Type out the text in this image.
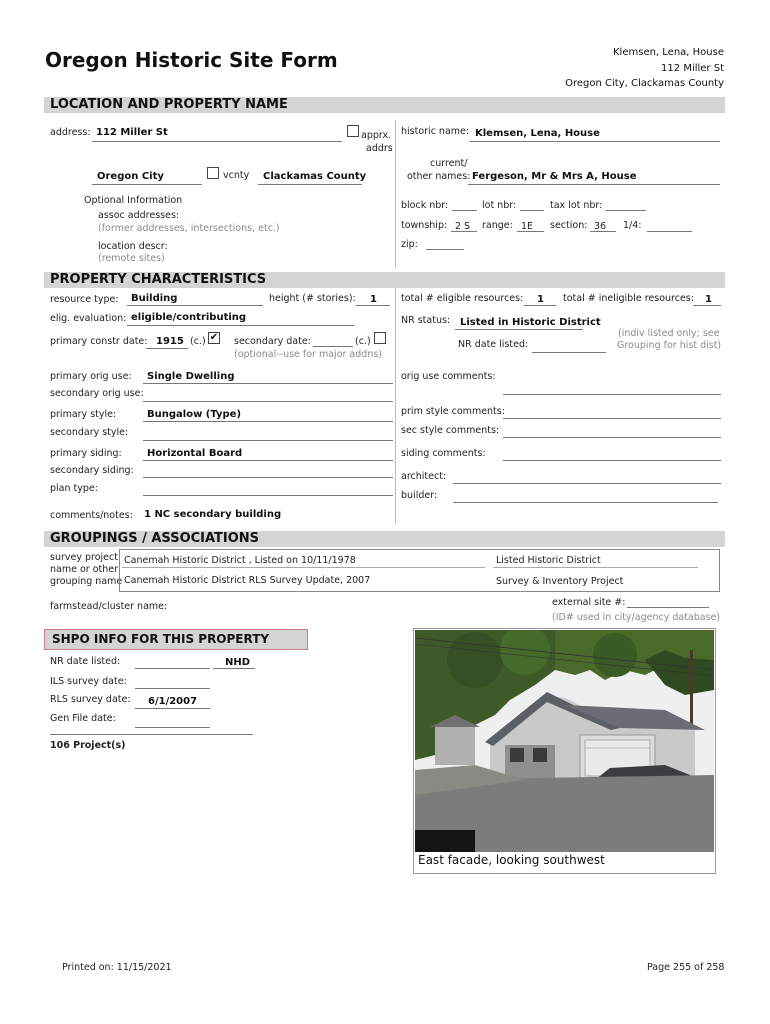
Oregon Historic Site Form	Klemsen, Lena, House
112 Miller St
Oregon City, Clackamas County
LOCATION AND PROPERTY NAME
address: 112 Miller St	apprx.
addrs
Oregon City	vcnty Clackamas County
Optional Information
assoc addresses:
(former addresses, intersections, etc.)
location descr:
(remote sites)
historic name: Klemsen, Lena, House
current/
other names: Fergeson, Mr & Mrs A, House
block nbr:	lot nbr:	tax lot nbr:
township: 2 S range: 1E section: 36 1/4:
zip:
PROPERTY CHARACTERISTICS
resource type: Building	height (# stories): 1
elig. evaluation: eligible/contributing
primary constr date: 1915 (c.) ✔ secondary date:	(c.)
(optional--use for major addns)
total # eligible resources: 1 total # ineligible resources: 1
NR status: Listed in Historic District
NR date listed:
(indiv listed only; see
Grouping for hist dist)
primary orig use: Single Dwelling
secondary orig use:
orig use comments:
primary style:	Bungalow (Type)
secondary style:
prim style comments:
sec style comments:
primary siding:	Horizontal Board
secondary siding:
siding comments:
plan type:
architect:
builder:
comments/notes: 1 NC secondary building
GROUPINGS / ASSOCIATIONS
survey project
name or other
grouping name
Canemah Historic District , Listed on 10/11/1978	Listed Historic District
Canemah Historic District RLS Survey Update, 2007	Survey & Inventory Project
farmstead/cluster name:	external site #:
(ID# used in city/agency database)
SHPO INFO FOR THIS PROPERTY
NR date listed:	NHD
ILS survey date:
RLS survey date: 6/1/2007
Gen File date:
106 Project(s)
East facade, looking southwest
Printed on: 11/15/2021	Page 255 of 258
